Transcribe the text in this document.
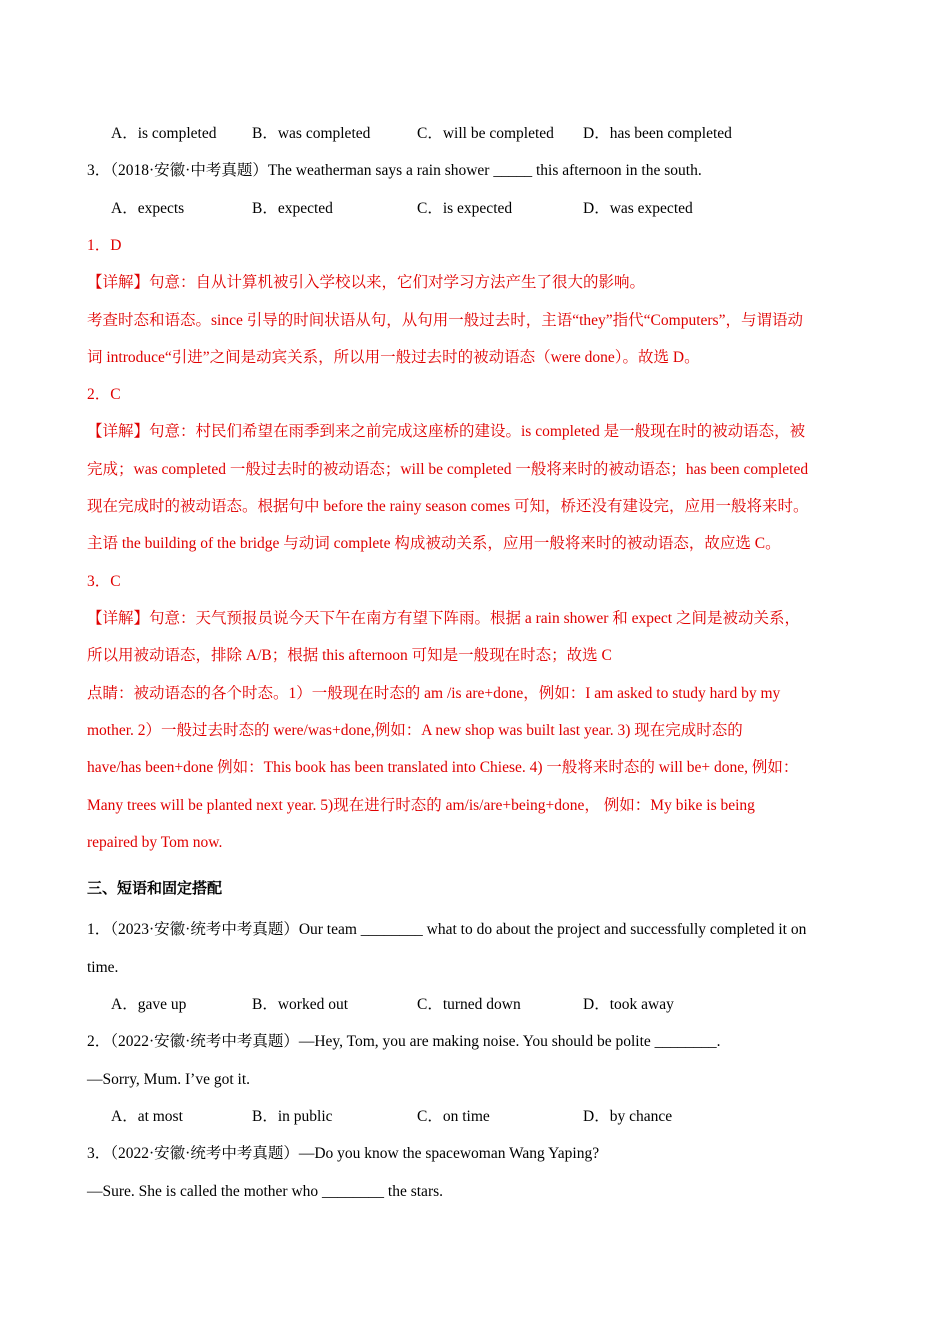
A．is completed B．was completed	C．will be completed D．has been completed
3．（2018·安徽·中考真题）The weatherman says a rain shower _____ this afternoon in the south.
A．expects	B．expected	C．is expected	D．was expected
1．D
【详解】句意：自从计算机被引入学校以来，它们对学习方法产生了很大的影响。
考查时态和语态。since 引导的时间状语从句，从句用一般过去时，主语“they”指代“Computers”，与谓语动
词 introduce“引进”之间是动宾关系，所以用一般过去时的被动语态（were done）。故选 D。
2．C
【详解】句意：村民们希望在雨季到来之前完成这座桥的建设。is completed 是一般现在时的被动语态，被
完成；was completed 一般过去时的被动语态；will be completed 一般将来时的被动语态；has been completed
现在完成时的被动语态。根据句中 before the rainy season comes 可知，桥还没有建设完，应用一般将来时。
主语 the building of the bridge 与动词 complete 构成被动关系，应用一般将来时的被动语态，故应选 C。
3．C
【详解】句意：天气预报员说今天下午在南方有望下阵雨。根据 a rain shower 和 expect 之间是被动关系，
所以用被动语态，排除 A/B；根据 this afternoon 可知是一般现在时态；故选 C
点睛：被动语态的各个时态。1）一般现在时态的 am /is are+done，例如：I am asked to study hard by my
mother. 2）一般过去时态的 were/was+done,例如：A new shop was built last year. 3) 现在完成时态的
have/has been+done 例如：This book has been translated into Chiese. 4) 一般将来时态的 will be+ done, 例如：
Many trees will be planted next year. 5)现在进行时态的 am/is/are+being+done， 例如：My bike is being
repaired by Tom now.
三、短语和固定搭配
1．（2023·安徽·统考中考真题）Our team ________ what to do about the project and successfully completed it on
time.
A．gave up	B．worked out	C．turned down	D．took away
2．（2022·安徽·统考中考真题）—Hey, Tom, you are making noise. You should be polite ________.
—Sorry, Mum. I’ve got it.
A．at most	B．in public	C．on time	D．by chance
3．（2022·安徽·统考中考真题）—Do you know the spacewoman Wang Yaping?
—Sure. She is called the mother who ________ the stars.
